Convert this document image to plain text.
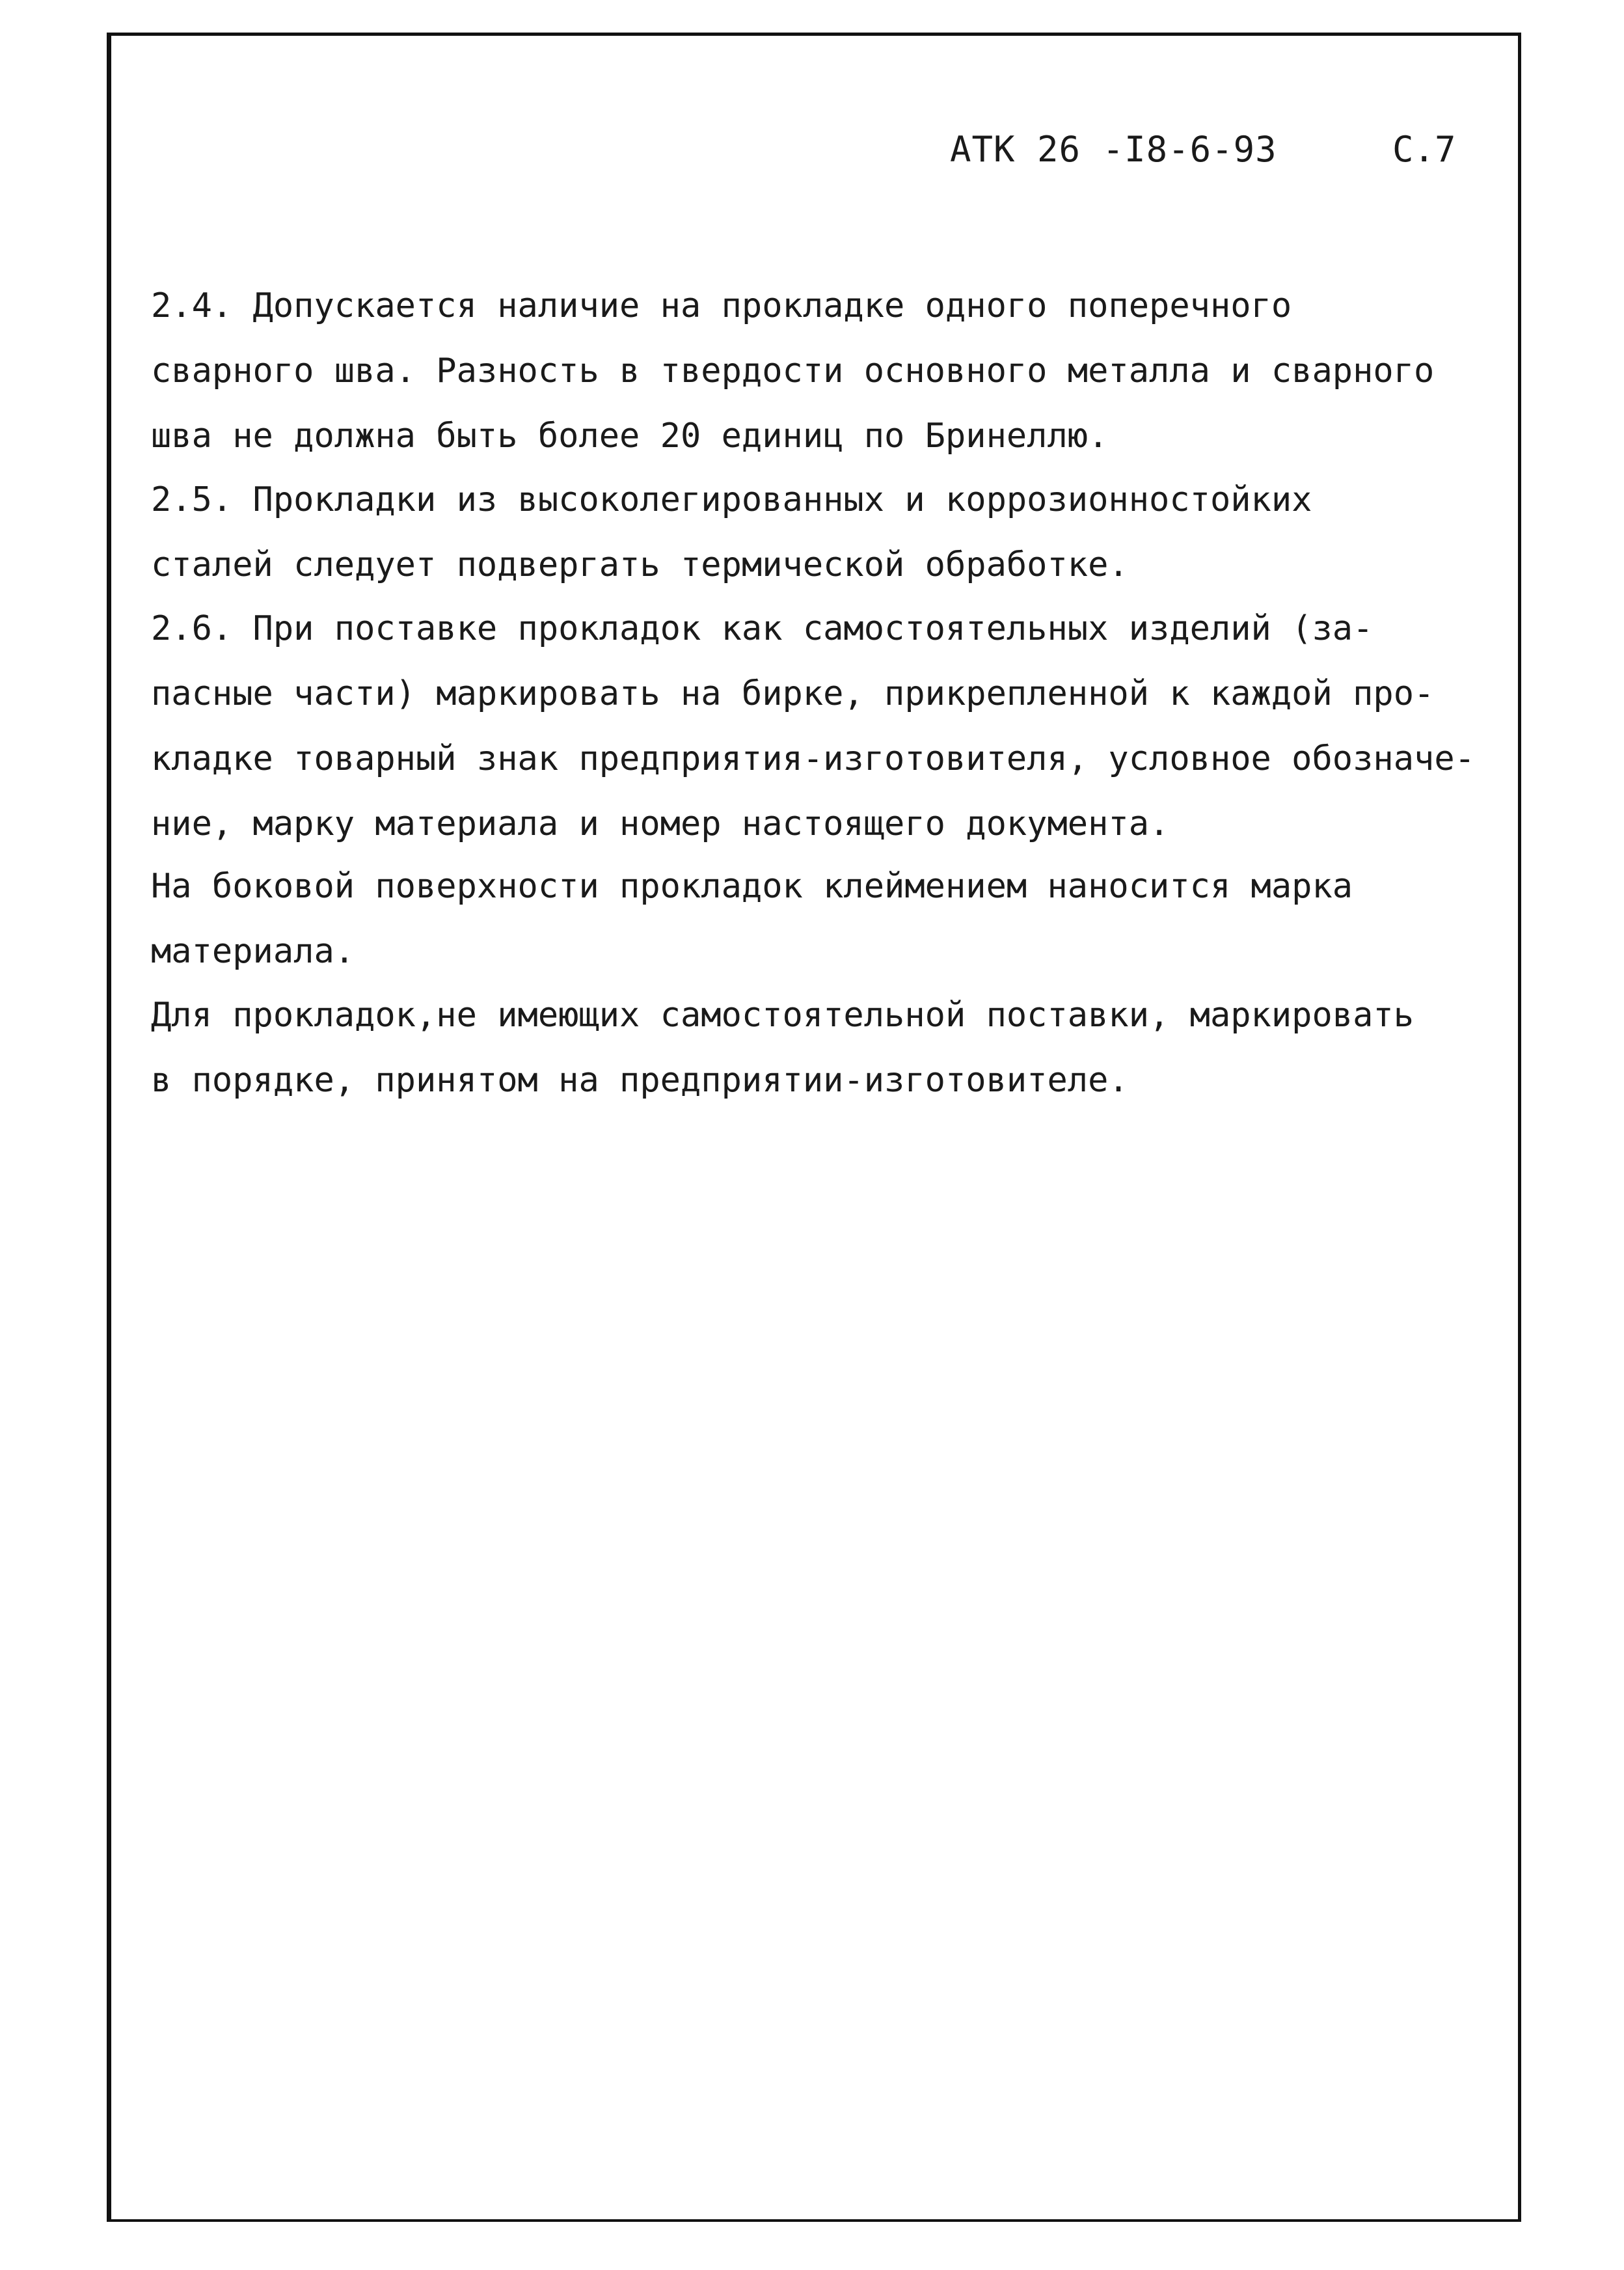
АТК 26 -I8-6-93	С.7

2.4. Допускается наличие на прокладке одного поперечного
сварного шва. Разность в твердости основного металла и сварного
шва не должна быть более 20 единиц по Бринеллю.

2.5. Прокладки из высоколегированных и коррозионностойких
сталей следует подвергать термической обработке.

2.6. При поставке прокладок как самостоятельных изделий (за-
пасные части) маркировать на бирке, прикрепленной к каждой про-
кладке товарный знак предприятия-изготовителя, условное обозначе-
ние, марку материала и номер настоящего документа.

На боковой поверхности прокладок клеймением наносится марка
материала.

Для прокладок,не имеющих самостоятельной поставки, маркировать
в порядке, принятом на предприятии-изготовителе.
